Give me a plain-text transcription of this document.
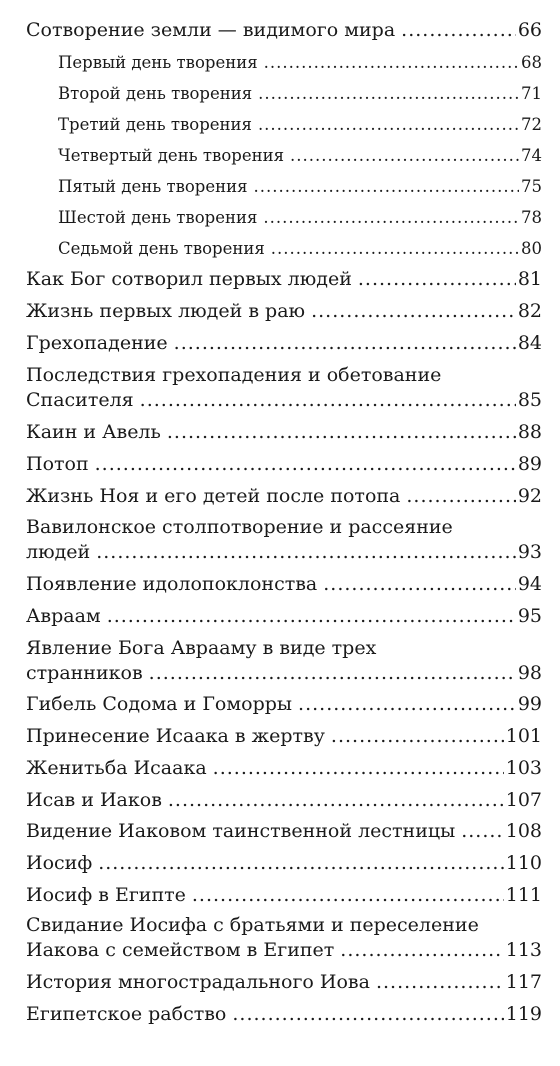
Сотворение земли — видимого мира .....	66
Первый день творения .....	68
Второй день творения .....	71
Третий день творения .....	72
Четвертый день творения .....	74
Пятый день творения .....	75
Шестой день творения .....	78
Седьмой день творения .....	80
Как Бог сотворил первых людей .....	81
Жизнь первых людей в раю .....	82
Грехопадение .....	84
Последствия грехопадения и обетование
Спасителя .....	85
Каин и Авель .....	88
Потоп .....	89
Жизнь Ноя и его детей после потопа .....	92
Вавилонское столпотворение и рассеяние
людей .....	93
Появление идолопоклонства .....	94
Авраам .....	95
Явление Бога Аврааму в виде трех
странников .....	98
Гибель Содома и Гоморры .....	99
Принесение Исаака в жертву .....	101
Женитьба Исаака .....	103
Исав и Иаков .....	107
Видение Иаковом таинственной лестницы .....	108
Иосиф .....	110
Иосиф в Египте .....	111
Свидание Иосифа с братьями и переселение
Иакова с семейством в Египет .....	113
История многострадального Иова .....	117
Египетское рабство .....	119
